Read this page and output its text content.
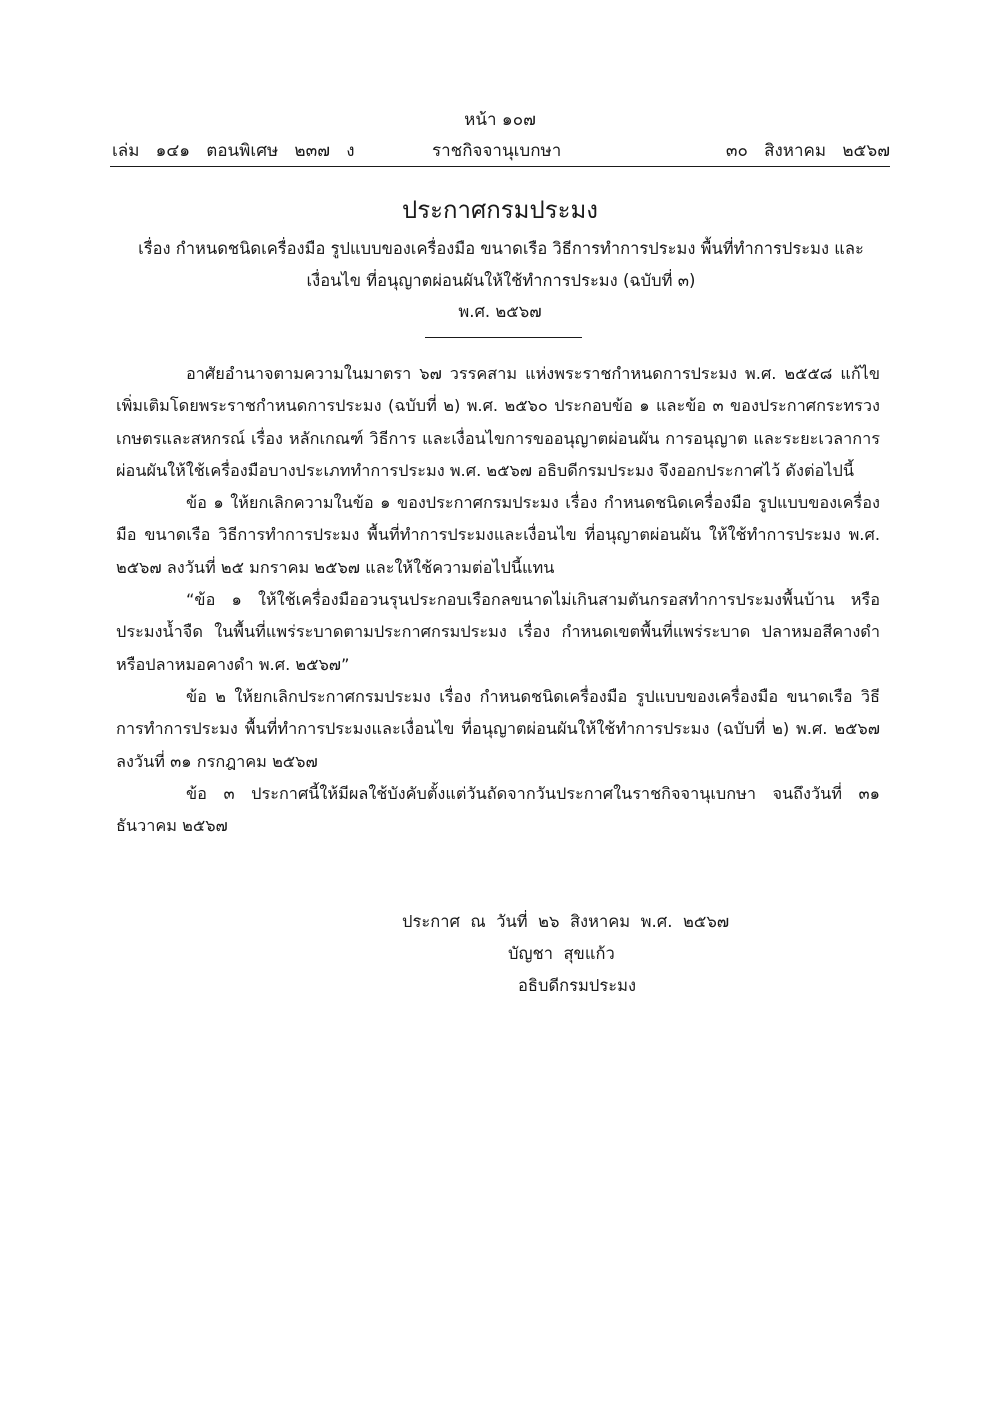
หน้า ๑๐๗
เล่ม   ๑๔๑   ตอนพิเศษ   ๒๓๗   ง	ราชกิจจานุเบกษา	๓๐   สิงหาคม   ๒๕๖๗
ประกาศกรมประมง
เรื่อง กำหนดชนิดเครื่องมือ รูปแบบของเครื่องมือ ขนาดเรือ วิธีการทำการประมง พื้นที่ทำการประมง และเงื่อนไข ที่อนุญาตผ่อนผันให้ใช้ทำการประมง (ฉบับที่ ๓)
พ.ศ. ๒๕๖๗

อาศัยอำนาจตามความในมาตรา ๖๗ วรรคสาม แห่งพระราชกำหนดการประมง พ.ศ. ๒๕๕๘ แก้ไขเพิ่มเติมโดยพระราชกำหนดการประมง (ฉบับที่ ๒) พ.ศ. ๒๕๖๐ ประกอบข้อ ๑ และข้อ ๓ ของประกาศกระทรวงเกษตรและสหกรณ์ เรื่อง หลักเกณฑ์ วิธีการ และเงื่อนไขการขออนุญาตผ่อนผัน การอนุญาต และระยะเวลาการผ่อนผันให้ใช้เครื่องมือบางประเภททำการประมง พ.ศ. ๒๕๖๗ อธิบดีกรมประมง จึงออกประกาศไว้ ดังต่อไปนี้

ข้อ ๑ ให้ยกเลิกความในข้อ ๑ ของประกาศกรมประมง เรื่อง กำหนดชนิดเครื่องมือ รูปแบบของเครื่องมือ ขนาดเรือ วิธีการทำการประมง พื้นที่ทำการประมงและเงื่อนไข ที่อนุญาตผ่อนผัน ให้ใช้ทำการประมง พ.ศ. ๒๕๖๗ ลงวันที่ ๒๕ มกราคม ๒๕๖๗ และให้ใช้ความต่อไปนี้แทน

“ข้อ ๑ ให้ใช้เครื่องมืออวนรุนประกอบเรือกลขนาดไม่เกินสามตันกรอสทำการประมงพื้นบ้าน หรือประมงน้ำจืด ในพื้นที่แพร่ระบาดตามประกาศกรมประมง เรื่อง กำหนดเขตพื้นที่แพร่ระบาด ปลาหมอสีคางดำหรือปลาหมอคางดำ พ.ศ. ๒๕๖๗”

ข้อ ๒ ให้ยกเลิกประกาศกรมประมง เรื่อง กำหนดชนิดเครื่องมือ รูปแบบของเครื่องมือ ขนาดเรือ วิธีการทำการประมง พื้นที่ทำการประมงและเงื่อนไข ที่อนุญาตผ่อนผันให้ใช้ทำการประมง (ฉบับที่ ๒) พ.ศ. ๒๕๖๗ ลงวันที่ ๓๑ กรกฎาคม ๒๕๖๗

ข้อ ๓ ประกาศนี้ให้มีผลใช้บังคับตั้งแต่วันถัดจากวันประกาศในราชกิจจานุเบกษา จนถึงวันที่ ๓๑ ธันวาคม ๒๕๖๗

ประกาศ  ณ  วันที่  ๒๖  สิงหาคม  พ.ศ.  ๒๕๖๗
บัญชา  สุขแก้ว
อธิบดีกรมประมง
